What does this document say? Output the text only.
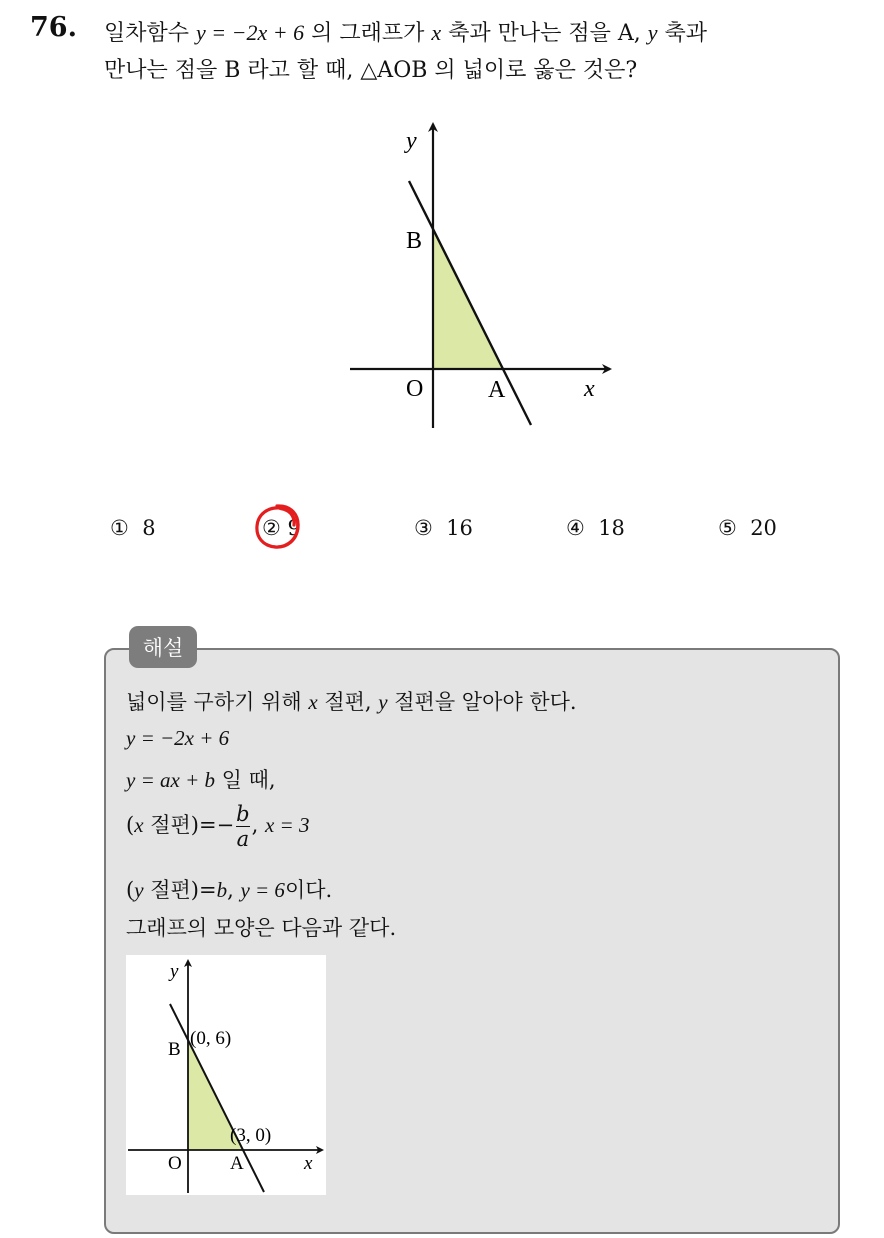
76. 일차함수 y = −2x + 6 의 그래프가 x 축과 만나는 점을 A, y 축과
만나는 점을 B 라고 할 때, △AOB 의 넓이로 옳은 것은?
y
x
O	A
B
① 8	② 9	③ 16	④ 18	⑤ 20
해설
넓이를 구하기 위해 x 절편, y 절편을 알아야 한다.
y = −2x + 6
y = ax + b 일 때,
(x 절편)=− $\frac{b}{a}$ , x = 3
(y 절편)=b, y = 6이다.
그래프의 모양은 다음과 같다.
y
x
O	A
B
(0, 6)
(3, 0)
